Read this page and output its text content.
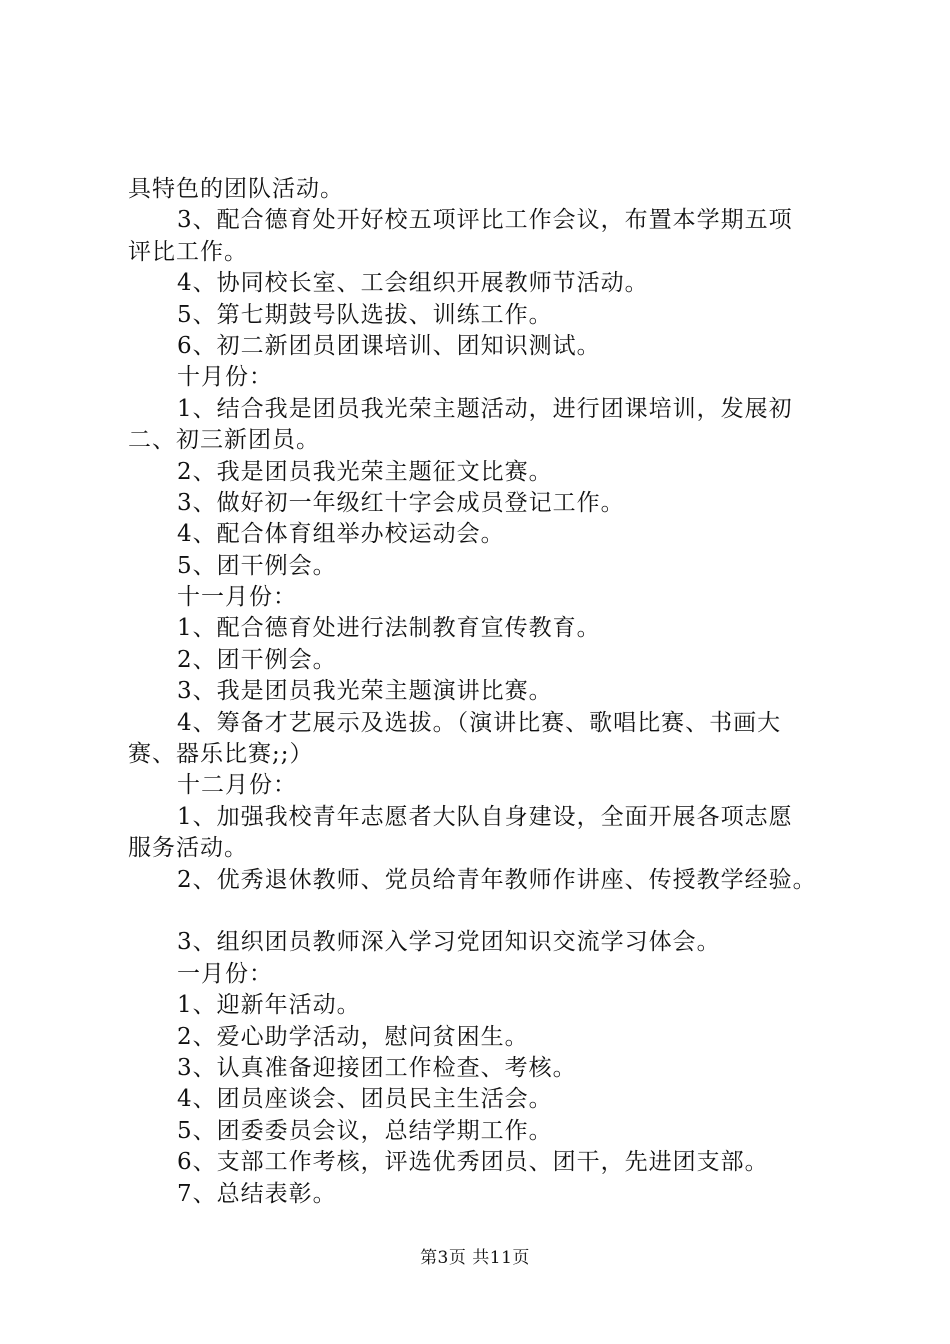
具特色的团队活动。
3、配合德育处开好校五项评比工作会议，布置本学期五项
评比工作。
4、协同校长室、工会组织开展教师节活动。
5、第七期鼓号队选拔、训练工作。
6、初二新团员团课培训、团知识测试。
十月份：
1、结合我是团员我光荣主题活动，进行团课培训，发展初
二、初三新团员。
2、我是团员我光荣主题征文比赛。
3、做好初一年级红十字会成员登记工作。
4、配合体育组举办校运动会。
5、团干例会。
十一月份：
1、配合德育处进行法制教育宣传教育。
2、团干例会。
3、我是团员我光荣主题演讲比赛。
4、筹备才艺展示及选拔。（演讲比赛、歌唱比赛、书画大
赛、器乐比赛;;）
十二月份：
1、加强我校青年志愿者大队自身建设，全面开展各项志愿
服务活动。
2、优秀退休教师、党员给青年教师作讲座、传授教学经验。
3、组织团员教师深入学习党团知识交流学习体会。
一月份：
1、迎新年活动。
2、爱心助学活动，慰问贫困生。
3、认真准备迎接团工作检查、考核。
4、团员座谈会、团员民主生活会。
5、团委委员会议，总结学期工作。
6、支部工作考核，评选优秀团员、团干，先进团支部。
7、总结表彰。
第3页 共11页
